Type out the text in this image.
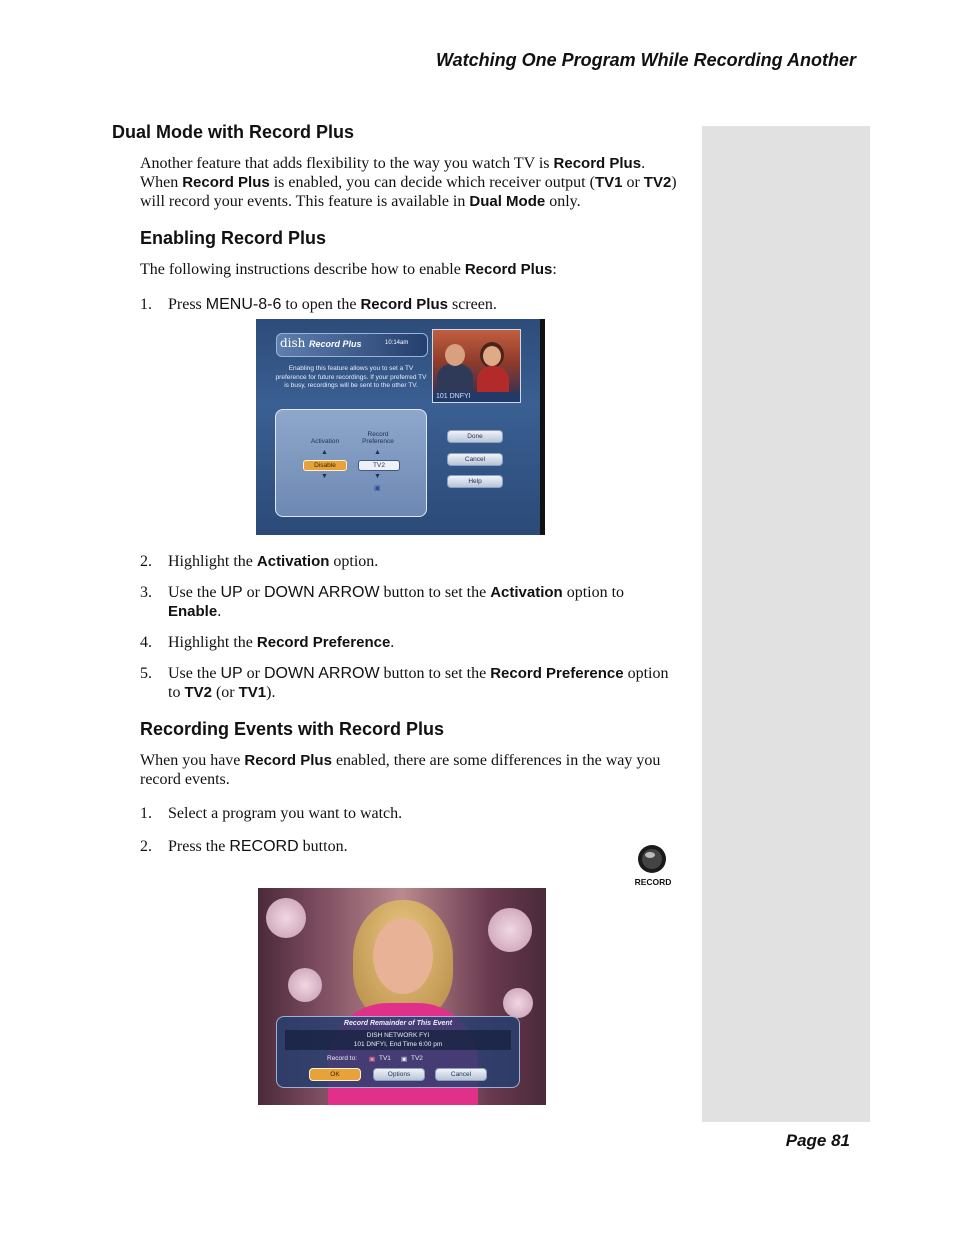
Watching One Program While Recording Another
Dual Mode with Record Plus

Another feature that adds flexibility to the way you watch TV is Record Plus. When Record Plus is enabled, you can decide which receiver output (TV1 or TV2) will record your events. This feature is available in Dual Mode only.

Enabling Record Plus

The following instructions describe how to enable Record Plus:

1. Press MENU-8-6 to open the Record Plus screen.
dish Record Plus	10:14am
Enabling this feature allows you to set a TV preference for future recordings. If your preferred TV is busy, recordings will be sent to the other TV.
101 DNFYI
Activation
Record
Preference
▲	▲
Disable	TV2
▼	▼
▣
Done
Cancel
Help
2. Highlight the Activation option.
3. Use the UP or DOWN ARROW button to set the Activation option to Enable.
4. Highlight the Record Preference.
5. Use the UP or DOWN ARROW button to set the Record Preference option to TV2 (or TV1).
Recording Events with Record Plus

When you have Record Plus enabled, there are some differences in the way you record events.

1. Select a program you want to watch.
2. Press the RECORD button.
RECORD
Record Remainder of This Event
DISH NETWORK FYI
101 DNFYI, End Time 6:00 pm
Record to: ▣ TV1 ▣ TV2
OK	Options	Cancel
Page 81
